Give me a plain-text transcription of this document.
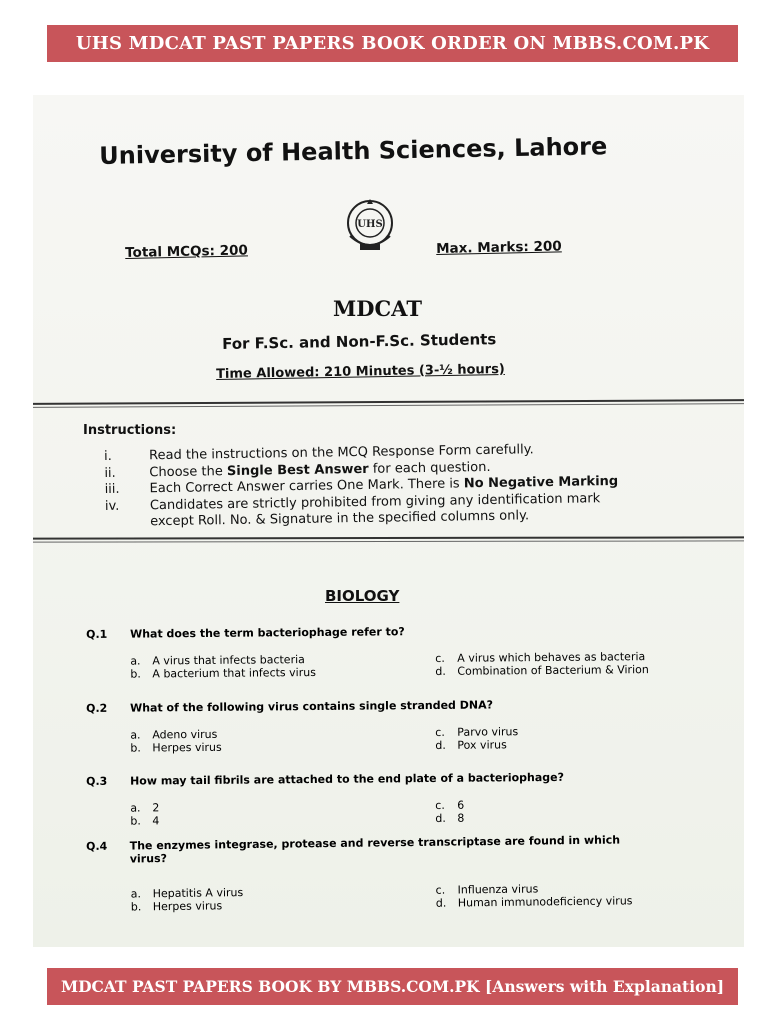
UHS MDCAT PAST PAPERS BOOK ORDER ON MBBS.COM.PK
University of Health Sciences, Lahore
UHS
Total MCQs: 200	Max. Marks: 200
MDCAT
For F.Sc. and Non-F.Sc. Students
Time Allowed: 210 Minutes (3-½ hours)
Instructions:
i.	Read the instructions on the MCQ Response Form carefully.
ii.	Choose the Single Best Answer for each question.
iii.	Each Correct Answer carries One Mark. There is No Negative Marking
iv.	Candidates are strictly prohibited from giving any identification mark
except Roll. No. & Signature in the specified columns only.
BIOLOGY
Q.1	What does the term bacteriophage refer to?
a. A virus that infects bacteria	c. A virus which behaves as bacteria
b. A bacterium that infects virus	d. Combination of Bacterium & Virion
Q.2	What of the following virus contains single stranded DNA?
a. Adeno virus	c. Parvo virus
b. Herpes virus	d. Pox virus
Q.3	How may tail fibrils are attached to the end plate of a bacteriophage?
a. 2	c. 6
b. 4	d. 8
Q.4	The enzymes integrase, protease and reverse transcriptase are found in which virus?
a. Hepatitis A virus	c. Influenza virus
b. Herpes virus	d. Human immunodeficiency virus
MDCAT PAST PAPERS BOOK BY MBBS.COM.PK [Answers with Explanation]
